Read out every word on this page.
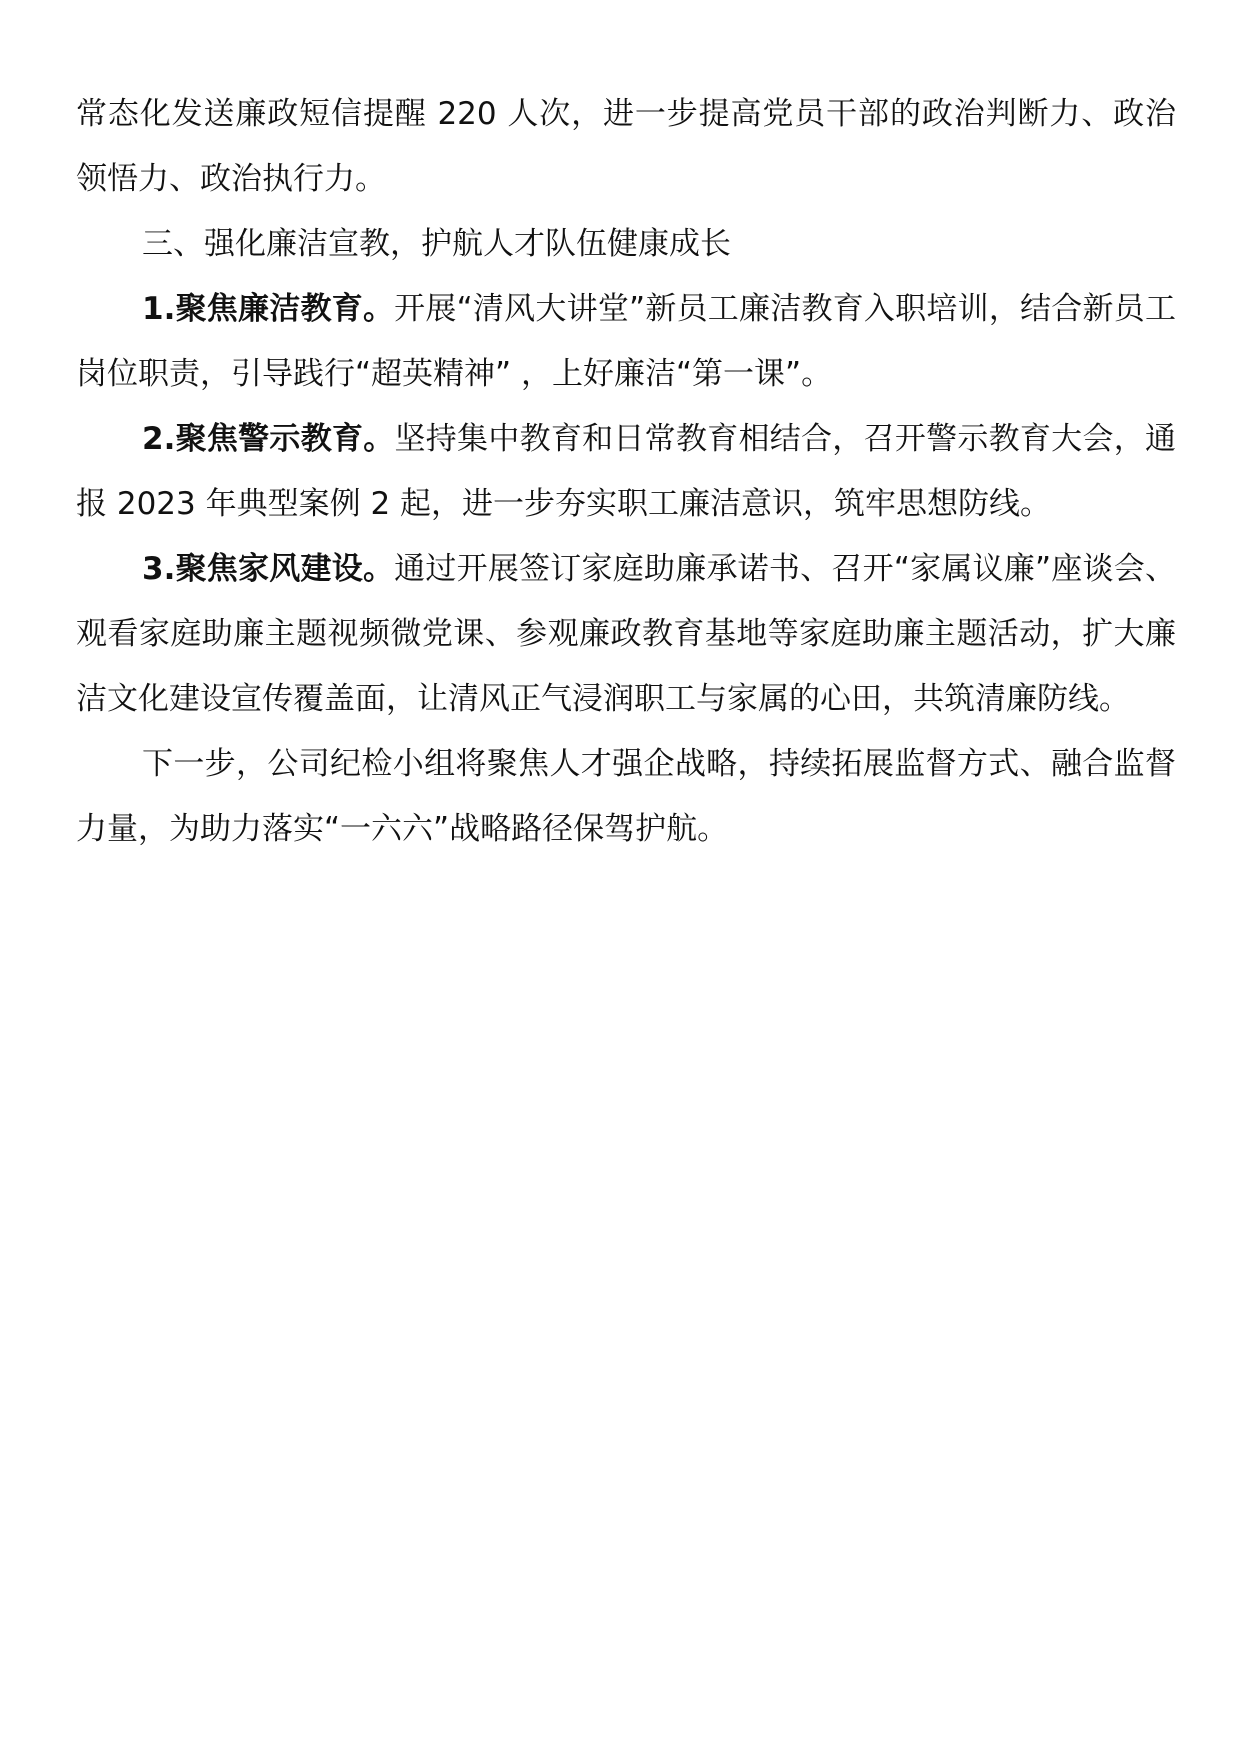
常态化发送廉政短信提醒 220 人次，进一步提高党员干部的政治判断力、政治领悟力、政治执行力。

三、强化廉洁宣教，护航人才队伍健康成长

1.聚焦廉洁教育。开展“清风大讲堂”新员工廉洁教育入职培训，结合新员工岗位职责，引导践行“超英精神” ，上好廉洁“第一课”。

2.聚焦警示教育。坚持集中教育和日常教育相结合，召开警示教育大会，通报 2023 年典型案例 2 起，进一步夯实职工廉洁意识，筑牢思想防线。

3.聚焦家风建设。通过开展签订家庭助廉承诺书、召开“家属议廉”座谈会、观看家庭助廉主题视频微党课、参观廉政教育基地等家庭助廉主题活动，扩大廉洁文化建设宣传覆盖面，让清风正气浸润职工与家属的心田，共筑清廉防线。

下一步，公司纪检小组将聚焦人才强企战略，持续拓展监督方式、融合监督力量，为助力落实“一六六”战略路径保驾护航。
